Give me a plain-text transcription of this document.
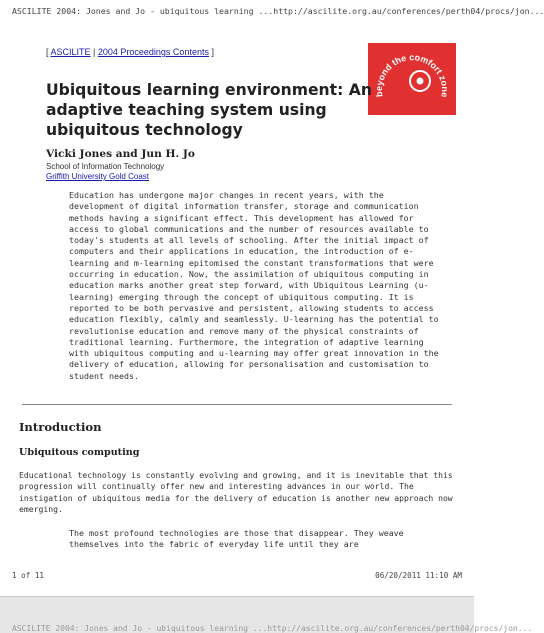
ASCILITE 2004: Jones and Jo - ubiquitous learning ... http://ascilite.org.au/conferences/perth04/procs/jon...
[ ASCILITE | 2004 Proceedings Contents ]
beyond the comfort zone
Ubiquitous learning environment: An adaptive teaching system using ubiquitous technology
Vicki Jones and Jun H. Jo
School of Information Technology
Griffith University Gold Coast

Education has undergone major changes in recent years, with the development of digital information transfer, storage and communication methods having a significant effect. This development has allowed for access to global communications and the number of resources available to today's students at all levels of schooling. After the initial impact of computers and their applications in education, the introduction of e-learning and m-learning epitomised the constant transformations that were occurring in education. Now, the assimilation of ubiquitous computing in education marks another great step forward, with Ubiquitous Learning (u-learning) emerging through the concept of ubiquitous computing. It is reported to be both pervasive and persistent, allowing students to access education flexibly, calmly and seamlessly. U-learning has the potential to revolutionise education and remove many of the physical constraints of traditional learning. Furthermore, the integration of adaptive learning with ubiquitous computing and u-learning may offer great innovation in the delivery of education, allowing for personalisation and customisation to student needs.

Introduction
Ubiquitous computing

Educational technology is constantly evolving and growing, and it is inevitable that this progression will continually offer new and interesting advances in our world. The instigation of ubiquitous media for the delivery of education is another new approach now emerging.

The most profound technologies are those that disappear. They weave themselves into the fabric of everyday life until they are

1 of 11	06/20/2011 11:10 AM
ASCILITE 2004: Jones and Jo - ubiquitous learning ... http://ascilite.org.au/conferences/perth04/procs/jon...
